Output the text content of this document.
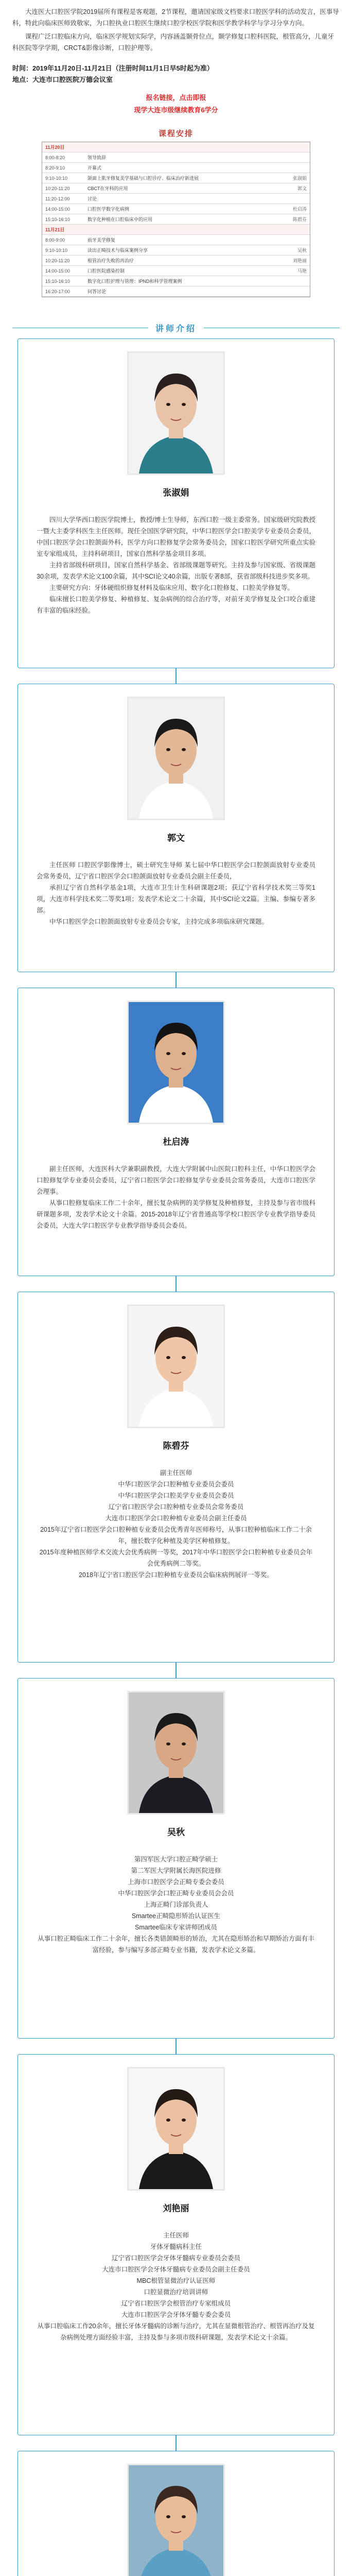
大连医大口腔医学院2019届所有课程是客观题，2节课程，邀请国家级文档要求口腔医学科的活动发言，医事导科，特此向临床医师致敬家，为口腔执业口腔医生继续口腔学校医学院和医学教学科学与学习分享方向。

课程广泛口腔临床方向，临床医学规划实际学，内容涵盖颞骨位点，颞学修复口腔科医院，根管高分，儿童牙科医院等学学期，CRCT&影像诊断，口腔护理等。

时间：2019年11月20日-11月21日（注册时间11月1日早5时起为准）

地点：大连市口腔医院万德会议室

报名链接，点击即报
现学大连市级继续教育6学分
课程安排
11月20日		
8:00-8:20	领导致辞	
8:20-9:10	开幕式	
9:10-10:10	颌面上肌牙修复美学基础与口腔诊疗、临床治疗新进展	张淑娟
10:20-11:20	CBCT在牙科的应用	郭文
11:20-12:00	讨论	
14:00-15:00	口腔医学数字化病例	杜启涛
15:10-16:10	数字化种植在口腔临床中的应用	陈碧芬
11月21日		
8:00-9:00	前牙美学修复	
9:10-10:10	读出正畸技术与临床案例分享	吴秋
10:20-11:20	根管治疗失败的再治疗	刘艳丽
14:00-15:00	口腔医院感染控制	马艳
15:10-16:10	数字化口腔护理与管理：IPND和科学管理案例	
16:20-17:00	问答讨论	
讲师介绍
张淑娟

四川大学华西口腔医学院博士，教授/博士生导师，东西口腔一级主委常务。国家级研究院教授一暨大主委学科医生主任医师。现任全国医学研究院，中华口腔医学会口腔美学专业委员会委员，中国口腔医学会口腔颌面外科，医学方向口腔修复学会常务委员会，国家口腔医学研究所重点实验室专家组成员，主持科研项目，国家自然科学基金项目多项。

主持省部级科研项目，国家自然科学基金、省部级课题等研究。主持及参与国家级、省级课题30余项，发表学术论文100余篇，其中SCI论文40余篇，出版专著8部，获省部级科技进步奖多项。

主要研究方向：牙体硬组织修复材料及临床应用、数字化口腔修复、口腔美学修复等。

临床擅长口腔美学修复、种植修复、复杂病例的综合治疗等，对前牙美学修复及全口咬合重建有丰富的临床经验。

郭文

主任医师 口腔医学影像博士，硕士研究生导师 某七届中华口腔医学会口腔颌面放射专业委员会常务委员，辽宁省口腔医学会口腔颌面放射专业委员会副主任委员，

承担辽宁省自然科学基金1项，大连市卫生计生科研课题2项；获辽宁省科学技术奖三等奖1项，大连市科学技术奖二等奖1项；发表学术论文二十余篇，其中SCI论文2篇。主编、参编专著多部。

中华口腔医学会口腔颌面放射专业委员会专家，主持完成多项临床研究课题。

杜启涛

副主任医师，大连医科大学兼职副教授，大连大学附属中山医院口腔科主任，中华口腔医学会口腔修复学专业委员会委员，辽宁省口腔医学会口腔修复学专业委员会常务委员，大连市口腔医学会理事。

从事口腔修复临床工作二十余年，擅长复杂病例的美学修复及种植修复，主持及参与省市级科研课题多项，发表学术论文十余篇。2015-2018年辽宁省普通高等学校口腔医学专业教学指导委员会委员，大连大学口腔医学专业教学指导委员会委员。

陈碧芬

副主任医师

中华口腔医学会口腔种植专业委员会委员

中华口腔医学会口腔美学专业委员会委员

辽宁省口腔医学会口腔种植专业委员会常务委员

大连市口腔医学会口腔种植专业委员会副主任委员

2015年辽宁省口腔医学会口腔种植专业委员会优秀青年医师称号，从事口腔种植临床工作二十余年，擅长数字化种植及美学区种植修复。

2015年度种植医师学术交流大会优秀病例一等奖，2017年中华口腔医学会口腔种植专业委员会年会优秀病例二等奖。

2018年辽宁省口腔医学会口腔种植专业委员会临床病例展评一等奖。

吴秋

第四军医大学口腔正畸学硕士

第二军医大学附属长海医院进修

上海市口腔医学会正畸专委会委员

中华口腔医学会口腔正畸专业委员会会员

上海正畸门诊部负责人

Smartee正畸隐形矫治认证医生

Smartee临床专家讲师团成员

从事口腔正畸临床工作二十余年，擅长各类错颌畸形的矫治，尤其在隐形矫治和早期矫治方面有丰富经验，参与编写多部正畸专业书籍，发表学术论文多篇。

刘艳丽

主任医师

牙体牙髓病科主任

辽宁省口腔医学会牙体牙髓病专业委员会委员

大连市口腔医学会牙体牙髓病专业委员会副主任委员

MBC根管显微治疗认证医师

口腔显微治疗培训讲师

辽宁省口腔医学会根管治疗专家组成员

大连市口腔医学会牙体牙髓专委会委员

从事口腔临床工作20余年，擅长牙体牙髓病的诊断与治疗，尤其在显微根管治疗、根管再治疗及复杂病例处理方面经验丰富，主持及参与多项市级科研课题，发表学术论文十余篇。
